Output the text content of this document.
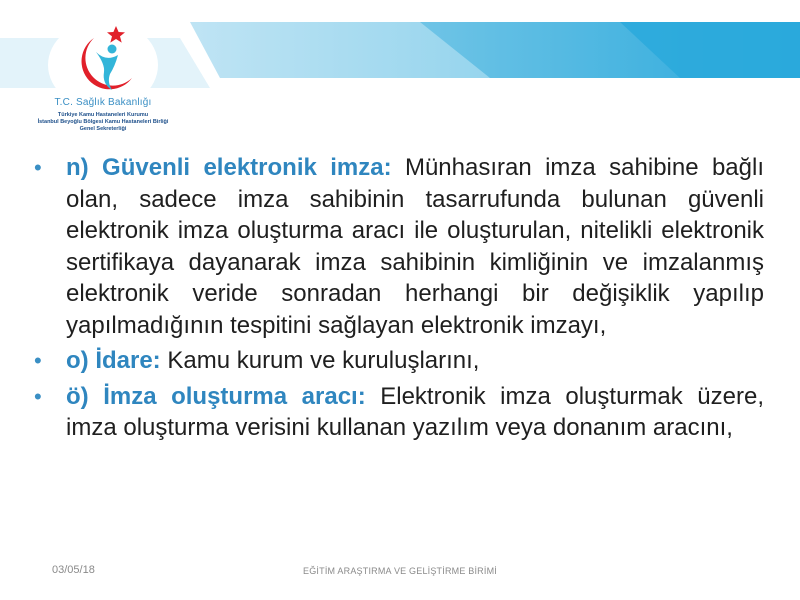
T.C. Sağlık Bakanlığı
Türkiye Kamu Hastaneleri Kurumu
İstanbul Beyoğlu Bölgesi Kamu Hastaneleri Birliği
Genel Sekreterliği
• n) Güvenli elektronik imza: Münhasıran imza sahibine bağlı olan, sadece imza sahibinin tasarrufunda bulunan güvenli elektronik imza oluşturma aracı ile oluşturulan, nitelikli elektronik sertifikaya dayanarak imza sahibinin kimliğinin ve imzalanmış elektronik veride sonradan herhangi bir değişiklik yapılıp yapılmadığının tespitini sağlayan elektronik imzayı,
• o) İdare: Kamu kurum ve kuruluşlarını,
• ö) İmza oluşturma aracı: Elektronik imza oluşturmak üzere, imza oluşturma verisini kullanan yazılım veya donanım aracını,
03/05/18	EĞİTİM ARAŞTIRMA VE GELİŞTİRME BİRİMİ
